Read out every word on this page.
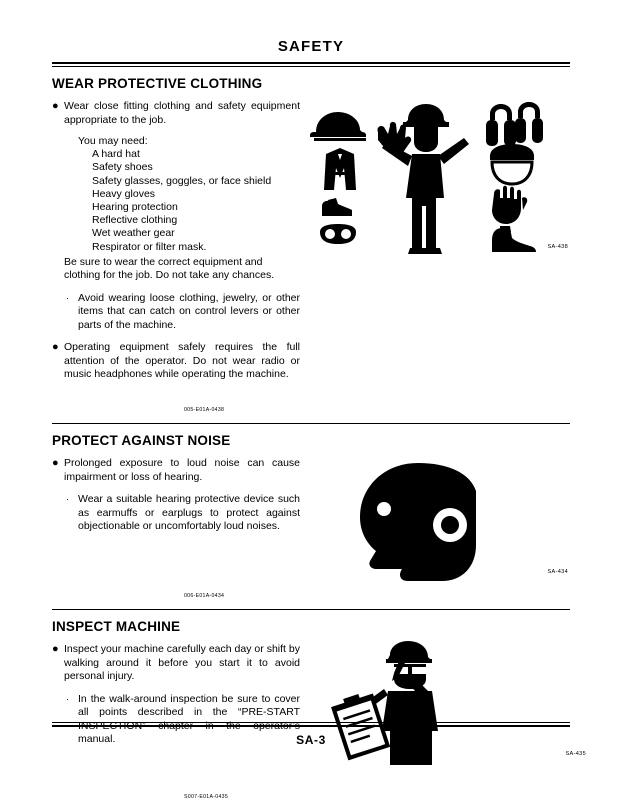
SAFETY
WEAR PROTECTIVE CLOTHING
● Wear close fitting clothing and safety equipment appropriate to the job.
You may need:
A hard hat
Safety shoes
Safety glasses, goggles, or face shield
Heavy gloves
Hearing protection
Reflective clothing
Wet weather gear
Respirator or filter mask.
Be sure to wear the correct equipment and clothing for the job. Do not take any chances.
· Avoid wearing loose clothing, jewelry, or other items that can catch on control levers or other parts of the machine.
● Operating equipment safely requires the full attention of the operator. Do not wear radio or music headphones while operating the machine.
005-E01A-0438
SA-438
PROTECT AGAINST NOISE
● Prolonged exposure to loud noise can cause impairment or loss of hearing.
· Wear a suitable hearing protective device such as earmuffs or earplugs to protect against objectionable or uncomfortably loud noises.
006-E01A-0434
SA-434
INSPECT MACHINE
● Inspect your machine carefully each day or shift by walking around it before you start it to avoid personal injury.
· In the walk-around inspection be sure to cover all points described in the “PRE-START INSPECTION” chapter in the operator’s manual.
S007-E01A-0435
SA-435
SA-3
